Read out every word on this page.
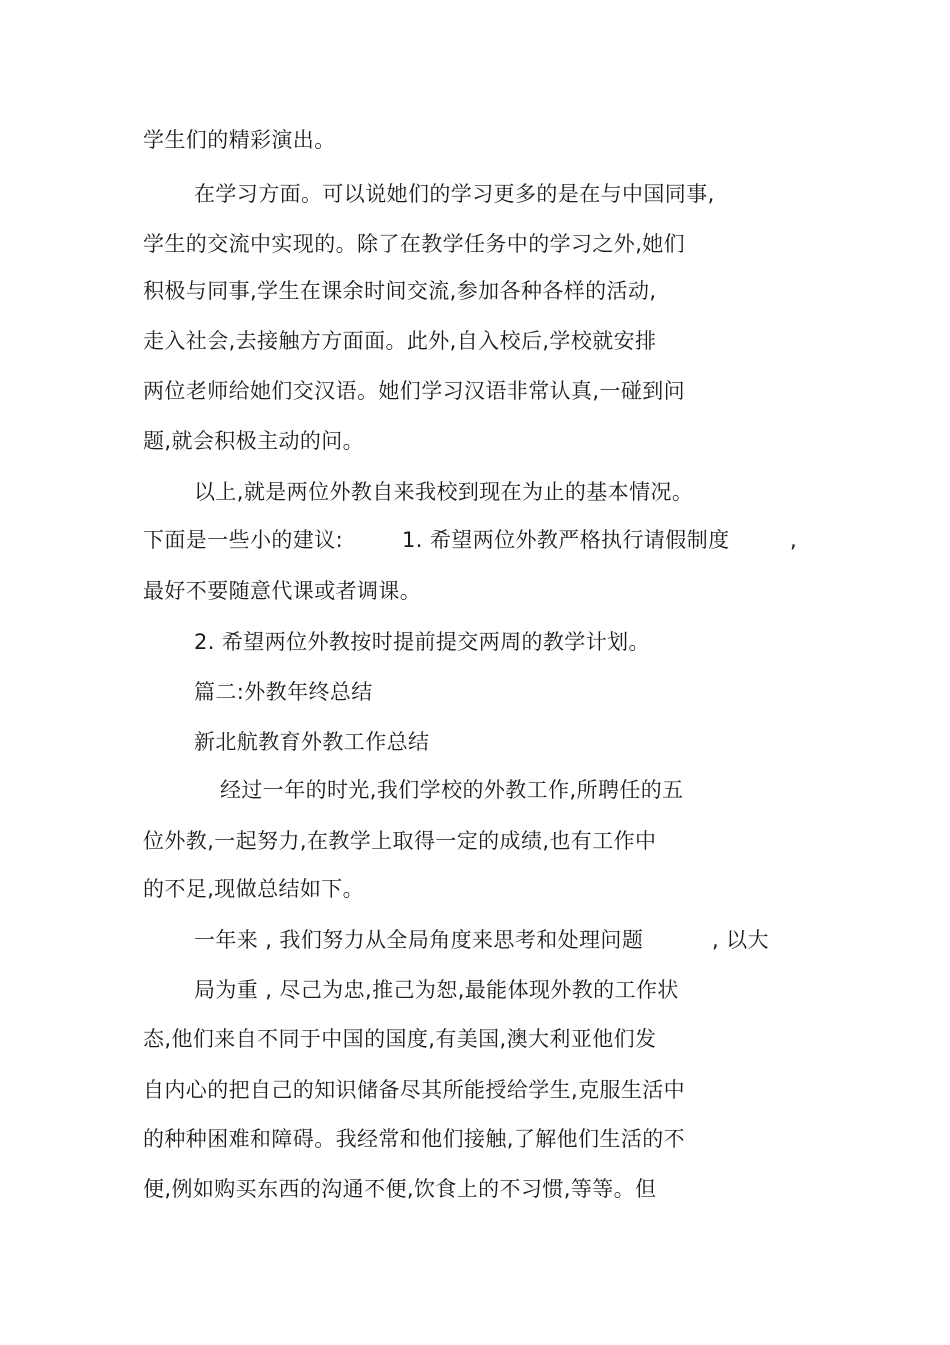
学生们的精彩演出。
在学习方面。可以说她们的学习更多的是在与中国同事,
学生的交流中实现的。除了在教学任务中的学习之外,她们
积极与同事,学生在课余时间交流,参加各种各样的活动,
走入社会,去接触方方面面。此外,自入校后,学校就安排
两位老师给她们交汉语。她们学习汉语非常认真,一碰到问
题,就会积极主动的问。
以上,就是两位外教自来我校到现在为止的基本情况。
下面是一些小的建议:	1. 希望两位外教严格执行请假制度	,
最好不要随意代课或者调课。
2. 希望两位外教按时提前提交两周的教学计划。
篇二:外教年终总结
新北航教育外教工作总结
经过一年的时光,我们学校的外教工作,所聘任的五
位外教,一起努力,在教学上取得一定的成绩,也有工作中
的不足,现做总结如下。
一年来 , 我们努力从全局角度来思考和处理问题	, 以大
局为重 , 尽己为忠,推己为恕,最能体现外教的工作状
态,他们来自不同于中国的国度,有美国,澳大利亚他们发
自内心的把自己的知识储备尽其所能授给学生,克服生活中
的种种困难和障碍。我经常和他们接触,了解他们生活的不
便,例如购买东西的沟通不便,饮食上的不习惯,等等。但
